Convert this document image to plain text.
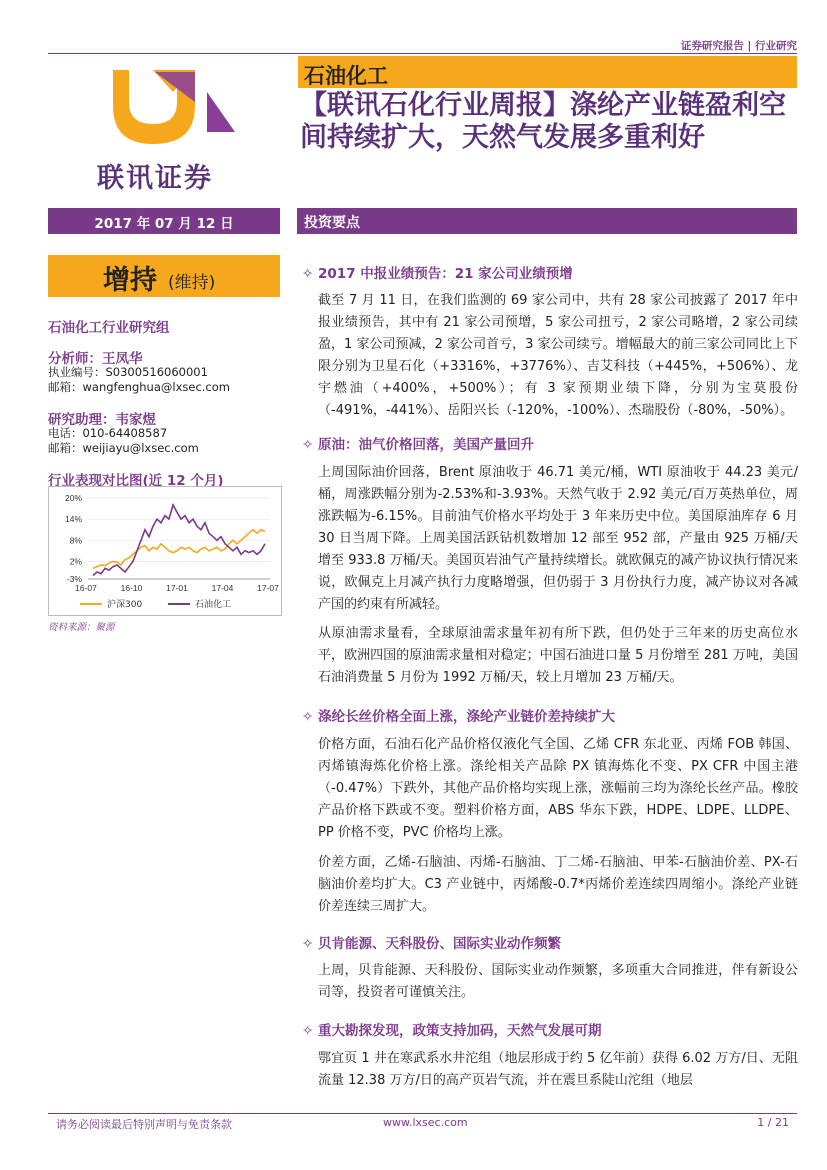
证券研究报告 | 行业研究
联讯证券
石油化工
【联讯石化行业周报】涤纶产业链盈利空间持续扩大，天然气发展多重利好
2017 年 07 月 12 日	投资要点
增持 (维持)
石油化工行业研究组
分析师：王凤华
执业编号：S0300516060001
邮箱：wangfenghua@lxsec.com
研究助理：韦家煜
电话：010-64408587
邮箱：weijiayu@lxsec.com
行业表现对比图(近 12 个月)
20%
14%
8%
2%
-3%
16-07	16-10	17-01	17-04	17-07
沪深300	石油化工
资料来源：聚源
✧ 2017 中报业绩预告：21 家公司业绩预增
截至 7 月 11 日，在我们监测的 69 家公司中，共有 28 家公司披露了 2017 年中报业绩预告，其中有 21 家公司预增，5 家公司扭亏，2 家公司略增，2 家公司续盈，1 家公司预减，2 家公司首亏，3 家公司续亏。增幅最大的前三家公司同比上下限分别为卫星石化（+3316%，+3776%）、吉艾科技（+445%，+506%）、龙宇燃油（+400%，+500%）；有 3 家预期业绩下降，分别为宝莫股份（-491%，-441%）、岳阳兴长（-120%，-100%）、杰瑞股份（-80%，-50%）。
✧ 原油：油气价格回落，美国产量回升
上周国际油价回落，Brent 原油收于 46.71 美元/桶，WTI 原油收于 44.23 美元/桶，周涨跌幅分别为-2.53%和-3.93%。天然气收于 2.92 美元/百万英热单位，周涨跌幅为-6.15%。目前油气价格水平均处于 3 年来历史中位。美国原油库存 6 月 30 日当周下降。上周美国活跃钻机数增加 12 部至 952 部，产量由 925 万桶/天增至 933.8 万桶/天。美国页岩油气产量持续增长。就欧佩克的减产协议执行情况来说，欧佩克上月减产执行力度略增强，但仍弱于 3 月份执行力度，减产协议对各减产国的约束有所减轻。
从原油需求量看，全球原油需求量年初有所下跌，但仍处于三年来的历史高位水平，欧洲四国的原油需求量相对稳定；中国石油进口量 5 月份增至 281 万吨，美国石油消费量 5 月份为 1992 万桶/天，较上月增加 23 万桶/天。
✧ 涤纶长丝价格全面上涨，涤纶产业链价差持续扩大
价格方面，石油石化产品价格仅液化气全国、乙烯 CFR 东北亚、丙烯 FOB 韩国、丙烯镇海炼化价格上涨。涤纶相关产品除 PX 镇海炼化不变、PX CFR 中国主港（-0.47%）下跌外，其他产品价格均实现上涨，涨幅前三均为涤纶长丝产品。橡胶产品价格下跌或不变。塑料价格方面，ABS 华东下跌，HDPE、LDPE、LLDPE、PP 价格不变，PVC 价格均上涨。
价差方面，乙烯-石脑油、丙烯-石脑油、丁二烯-石脑油、甲苯-石脑油价差、PX-石脑油价差均扩大。C3 产业链中，丙烯酸-0.7*丙烯价差连续四周缩小。涤纶产业链价差连续三周扩大。
✧ 贝肯能源、天科股份、国际实业动作频繁
上周，贝肯能源、天科股份、国际实业动作频繁，多项重大合同推进，伴有新设公司等，投资者可谨慎关注。
✧ 重大勘探发现，政策支持加码，天然气发展可期
鄂宜页 1 井在寒武系水井沱组（地层形成于约 5 亿年前）获得 6.02 万方/日、无阻流量 12.38 万方/日的高产页岩气流，并在震旦系陡山沱组（地层
请务必阅读最后特别声明与免责条款	www.lxsec.com	1 / 21
